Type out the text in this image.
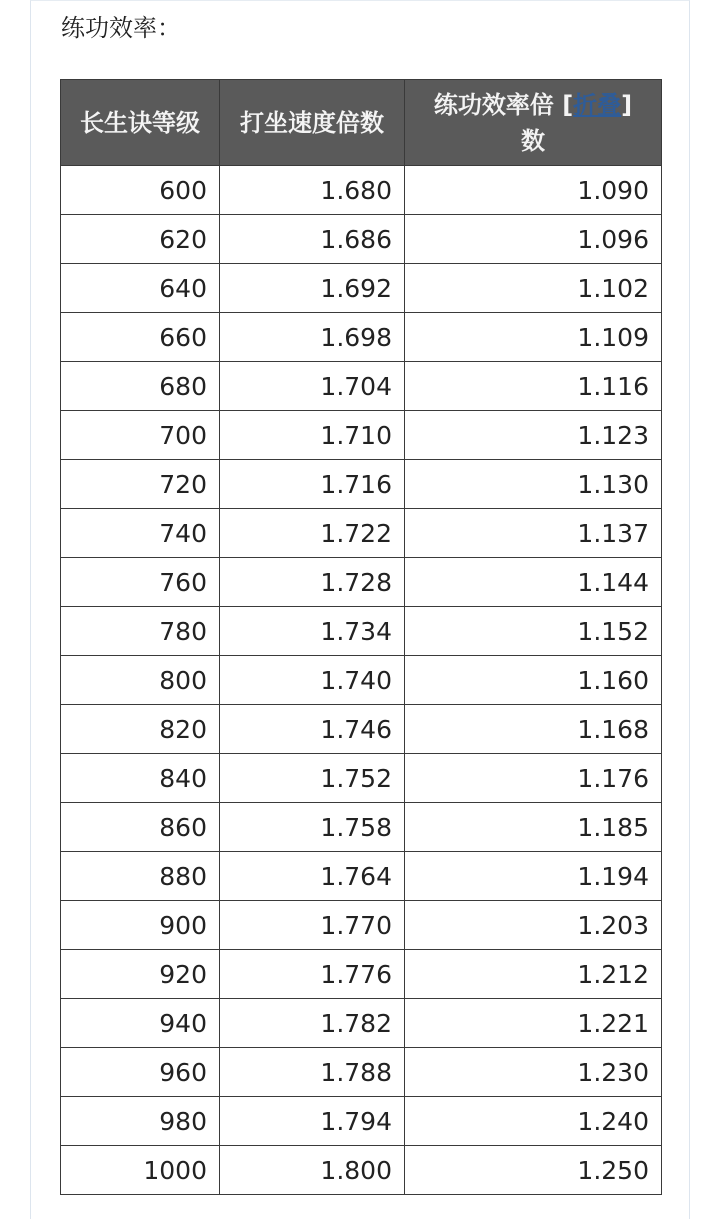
练功效率：
长生诀等级	打坐速度倍数	练功效率倍 [折叠]
数
600	1.680	1.090
620	1.686	1.096
640	1.692	1.102
660	1.698	1.109
680	1.704	1.116
700	1.710	1.123
720	1.716	1.130
740	1.722	1.137
760	1.728	1.144
780	1.734	1.152
800	1.740	1.160
820	1.746	1.168
840	1.752	1.176
860	1.758	1.185
880	1.764	1.194
900	1.770	1.203
920	1.776	1.212
940	1.782	1.221
960	1.788	1.230
980	1.794	1.240
1000	1.800	1.250
